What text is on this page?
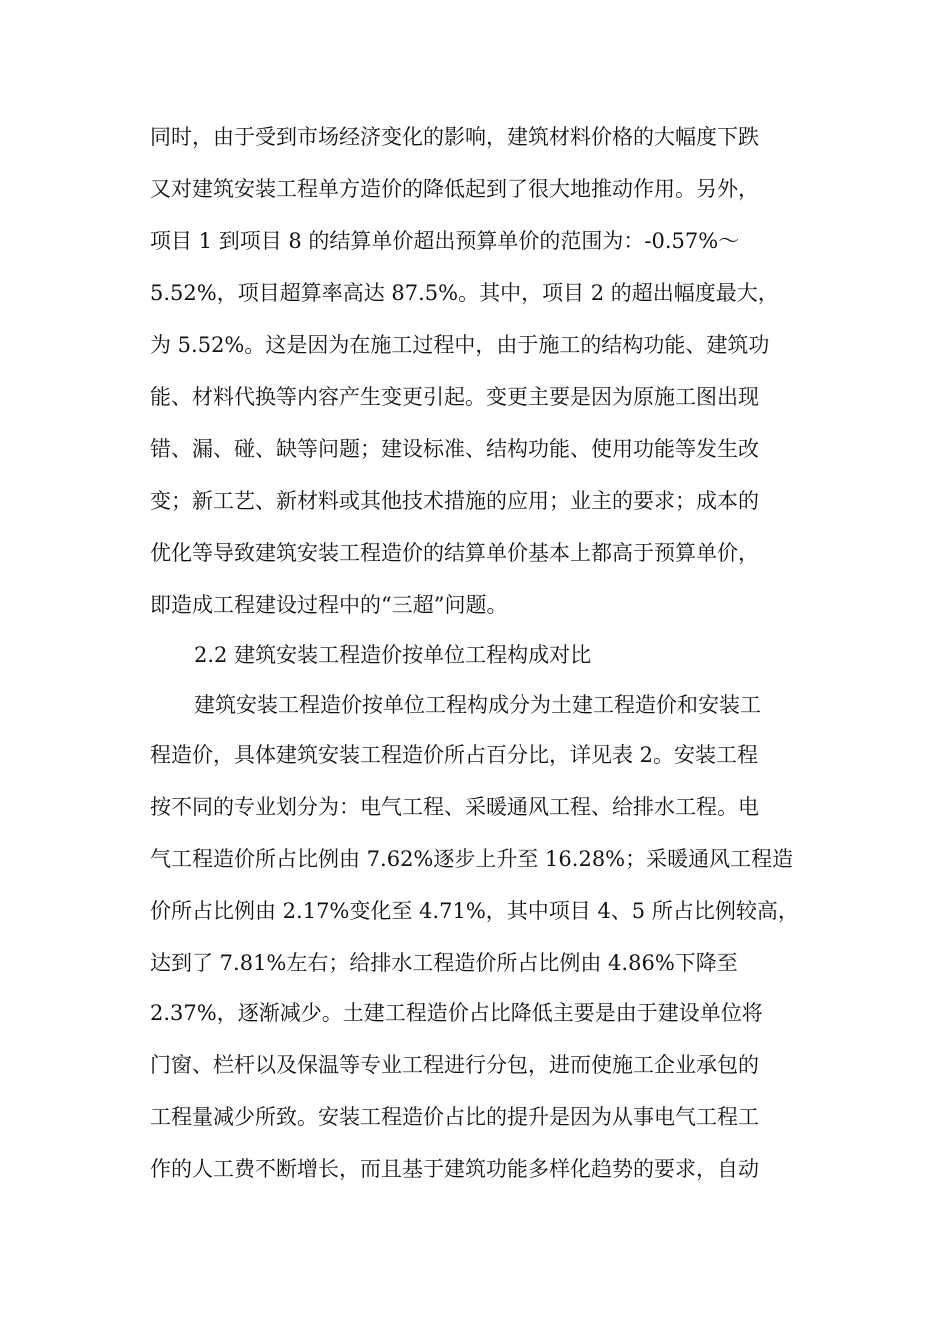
同时，由于受到市场经济变化的影响，建筑材料价格的大幅度下跌
又对建筑安装工程单方造价的降低起到了很大地推动作用。另外，
项目 1 到项目 8 的结算单价超出预算单价的范围为：-0.57%～
5.52%，项目超算率高达 87.5%。其中，项目 2 的超出幅度最大，
为 5.52%。这是因为在施工过程中，由于施工的结构功能、建筑功
能、材料代换等内容产生变更引起。变更主要是因为原施工图出现
错、漏、碰、缺等问题；建设标准、结构功能、使用功能等发生改
变；新工艺、新材料或其他技术措施的应用；业主的要求；成本的
优化等导致建筑安装工程造价的结算单价基本上都高于预算单价，
即造成工程建设过程中的“三超”问题。
2.2 建筑安装工程造价按单位工程构成对比
建筑安装工程造价按单位工程构成分为土建工程造价和安装工
程造价，具体建筑安装工程造价所占百分比，详见表 2。安装工程
按不同的专业划分为：电气工程、采暖通风工程、给排水工程。电
气工程造价所占比例由 7.62%逐步上升至 16.28%；采暖通风工程造
价所占比例由 2.17%变化至 4.71%，其中项目 4、5 所占比例较高，
达到了 7.81%左右；给排水工程造价所占比例由 4.86%下降至
2.37%，逐渐减少。土建工程造价占比降低主要是由于建设单位将
门窗、栏杆以及保温等专业工程进行分包，进而使施工企业承包的
工程量减少所致。安装工程造价占比的提升是因为从事电气工程工
作的人工费不断增长，而且基于建筑功能多样化趋势的要求，自动
